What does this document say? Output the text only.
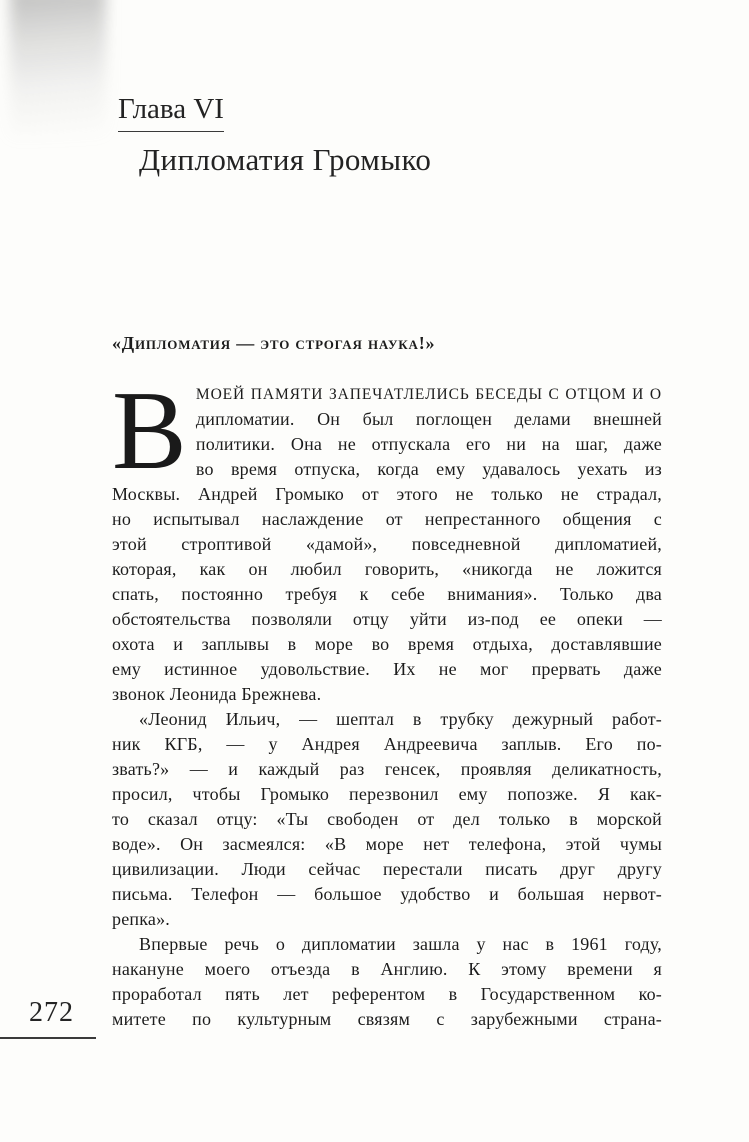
Глава VI
Дипломатия Громыко
«Дипломатия — это строгая наука!»
В МОЕЙ ПАМЯТИ ЗАПЕЧАТЛЕЛИСЬ БЕСЕДЫ С ОТЦОМ И О
дипломатии. Он был поглощен делами внешней
политики. Она не отпускала его ни на шаг, даже
во время отпуска, когда ему удавалось уехать из
Москвы. Андрей Громыко от этого не только не страдал,
но испытывал наслаждение от непрестанного общения с
этой строптивой «дамой», повседневной дипломатией,
которая, как он любил говорить, «никогда не ложится
спать, постоянно требуя к себе внимания». Только два
обстоятельства позволяли отцу уйти из-под ее опеки —
охота и заплывы в море во время отдыха, доставлявшие
ему истинное удовольствие. Их не мог прервать даже
звонок Леонида Брежнева.
«Леонид Ильич, — шептал в трубку дежурный работ-
ник КГБ, — у Андрея Андреевича заплыв. Его по-
звать?» — и каждый раз генсек, проявляя деликатность,
просил, чтобы Громыко перезвонил ему попозже. Я как-
то сказал отцу: «Ты свободен от дел только в морской
воде». Он засмеялся: «В море нет телефона, этой чумы
цивилизации. Люди сейчас перестали писать друг другу
письма. Телефон — большое удобство и большая нервот-
репка».
Впервые речь о дипломатии зашла у нас в 1961 году,
накануне моего отъезда в Англию. К этому времени я
проработал пять лет референтом в Государственном ко-
митете по культурным связям с зарубежными страна-
272
